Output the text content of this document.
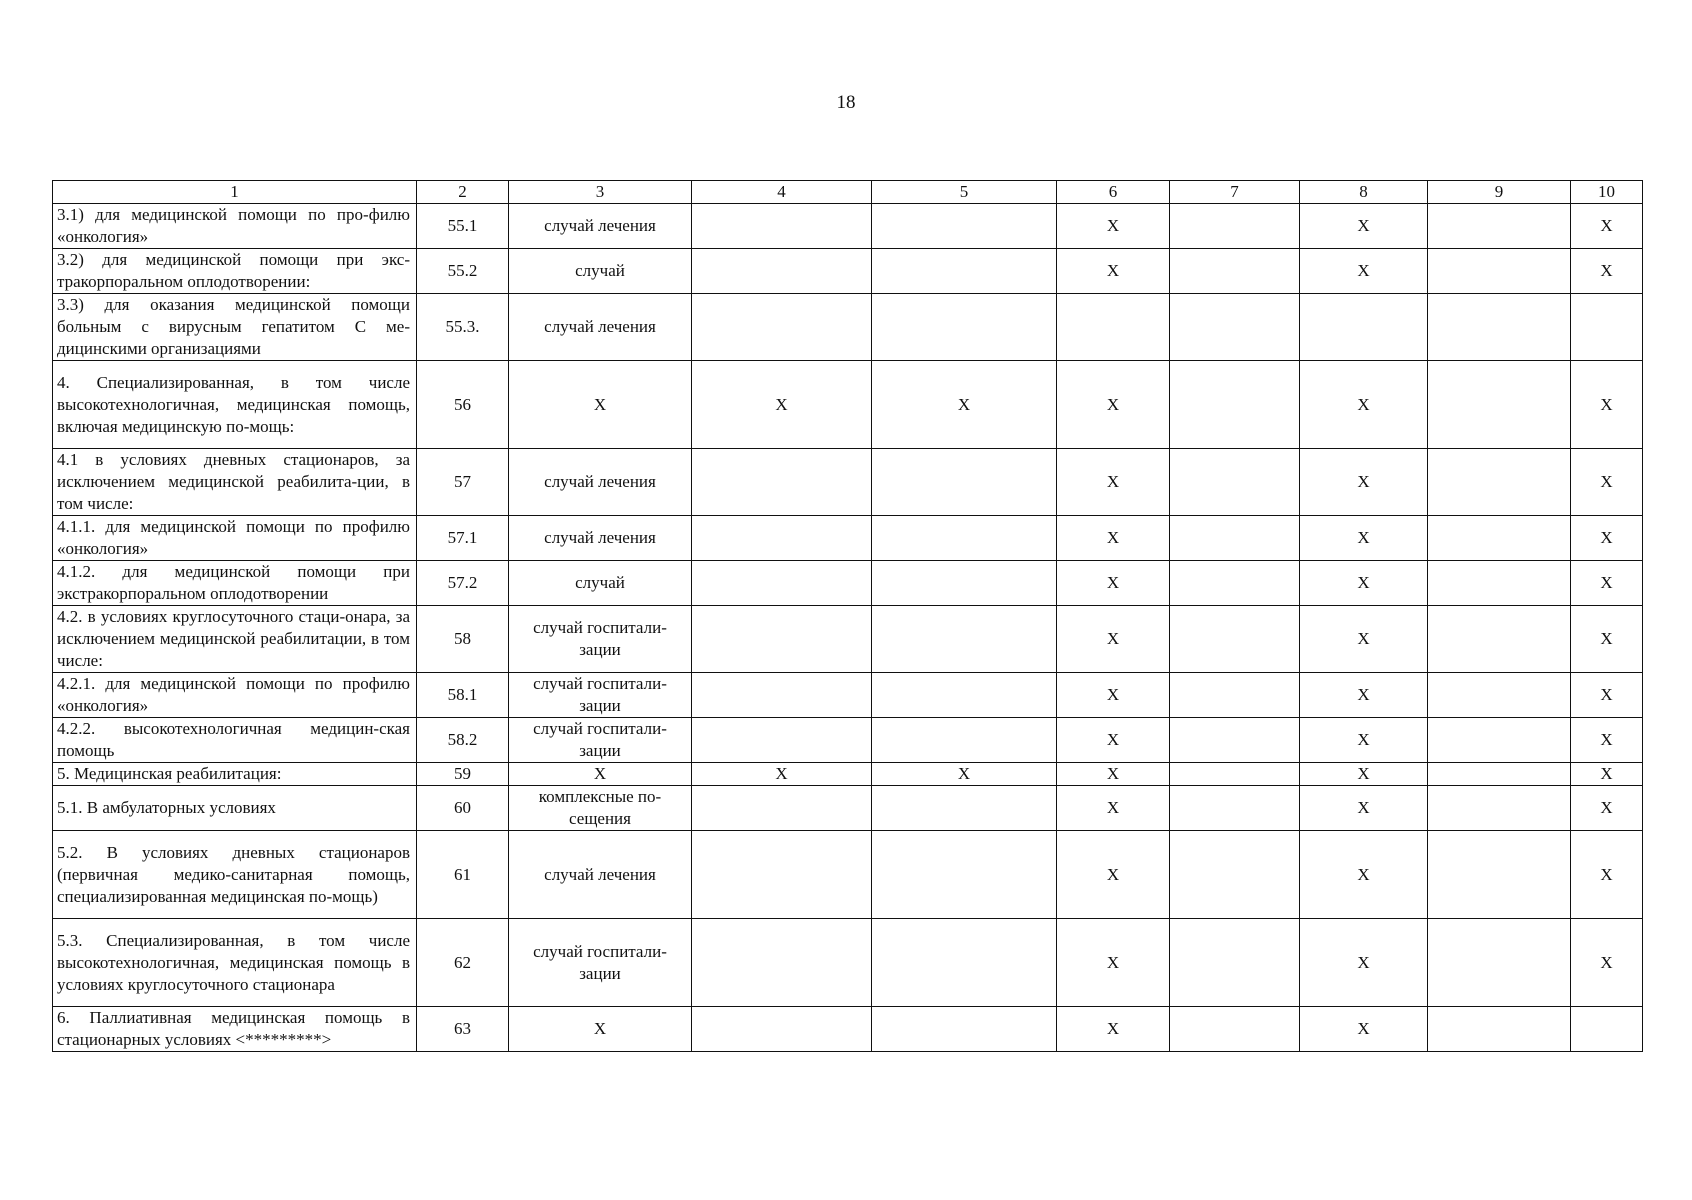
18
1	2	3	4	5	6	7	8	9	10
3.1) для медицинской помощи по про-филю «онкология»	55.1	случай лечения			X		X		X
3.2) для медицинской помощи при экс-тракорпоральном оплодотворении:	55.2	случай			X		X		X
3.3) для оказания медицинской помощи больным с вирусным гепатитом С ме-дицинскими организациями	55.3.	случай лечения							
4. Специализированная, в том числе высокотехнологичная, медицинская помощь, включая медицинскую по-мощь:	56	X	X	X	X		X		X
4.1 в условиях дневных стационаров, за исключением медицинской реабилита-ции, в том числе:	57	случай лечения			X		X		X
4.1.1. для медицинской помощи по профилю «онкология»	57.1	случай лечения			X		X		X
4.1.2. для медицинской помощи при экстракорпоральном оплодотворении	57.2	случай			X		X		X
4.2. в условиях круглосуточного стаци-онара, за исключением медицинской реабилитации, в том числе:	58	случай госпитали-зации			X		X		X
4.2.1. для медицинской помощи по профилю «онкология»	58.1	случай госпитали-зации			X		X		X
4.2.2. высокотехнологичная медицин-ская помощь	58.2	случай госпитали-зации			X		X		X
5. Медицинская реабилитация:	59	X	X	X	X		X		X
5.1. В амбулаторных условиях	60	комплексные по-сещения			X		X		X
5.2. В условиях дневных стационаров (первичная медико-санитарная помощь, специализированная медицинская по-мощь)	61	случай лечения			X		X		X
5.3. Специализированная, в том числе высокотехнологичная, медицинская помощь в условиях круглосуточного стационара	62	случай госпитали-зации			X		X		X
6. Паллиативная медицинская помощь в стационарных условиях <*********>	63	X			X		X		
